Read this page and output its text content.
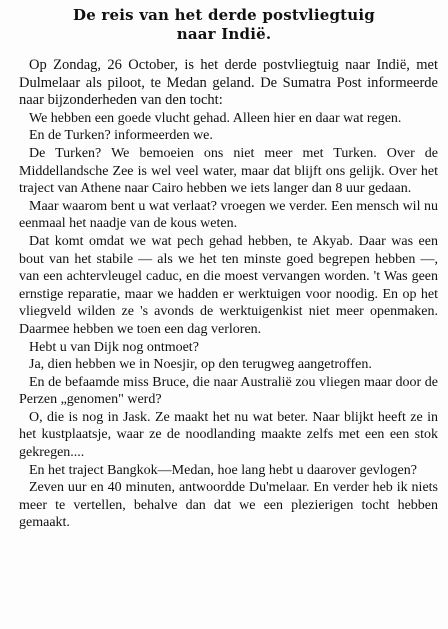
De reis van het derde postvliegtuig
naar Indië.

Op Zondag, 26 October, is het derde postvliegtuig naar Indië, met Dulmelaar als piloot, te Medan geland. De Sumatra Post informeerde naar bijzonderheden van den tocht:

We hebben een goede vlucht gehad. Alleen hier en daar wat regen.

En de Turken? informeerden we.

De Turken? We bemoeien ons niet meer met Turken. Over de Middellandsche Zee is wel veel water, maar dat blijft ons gelijk. Over het traject van Athene naar Cairo hebben we iets langer dan 8 uur gedaan.

Maar waarom bent u wat verlaat? vroegen we verder. Een mensch wil nu eenmaal het naadje van de kous weten.

Dat komt omdat we wat pech gehad hebben, te Akyab. Daar was een bout van het stabile — als we het ten minste goed begrepen hebben —, van een achtervleugel caduc, en die moest vervangen worden. 't Was geen ernstige reparatie, maar we hadden er werktuigen voor noodig. En op het vliegveld wilden ze 's avonds de werktuigenkist niet meer openmaken. Daarmee hebben we toen een dag verloren.

Hebt u van Dijk nog ontmoet?

Ja, dien hebben we in Noesjir, op den terugweg aangetroffen.

En de befaamde miss Bruce, die naar Australië zou vliegen maar door de Perzen „genomen" werd?

O, die is nog in Jask. Ze maakt het nu wat beter. Naar blijkt heeft ze in het kustplaatsje, waar ze de noodlanding maakte zelfs met een een stok gekregen....

En het traject Bangkok—Medan, hoe lang hebt u daarover gevlogen?

Zeven uur en 40 minuten, antwoordde Du'melaar. En verder heb ik niets meer te vertellen, behalve dan dat we een plezierigen tocht hebben gemaakt.
